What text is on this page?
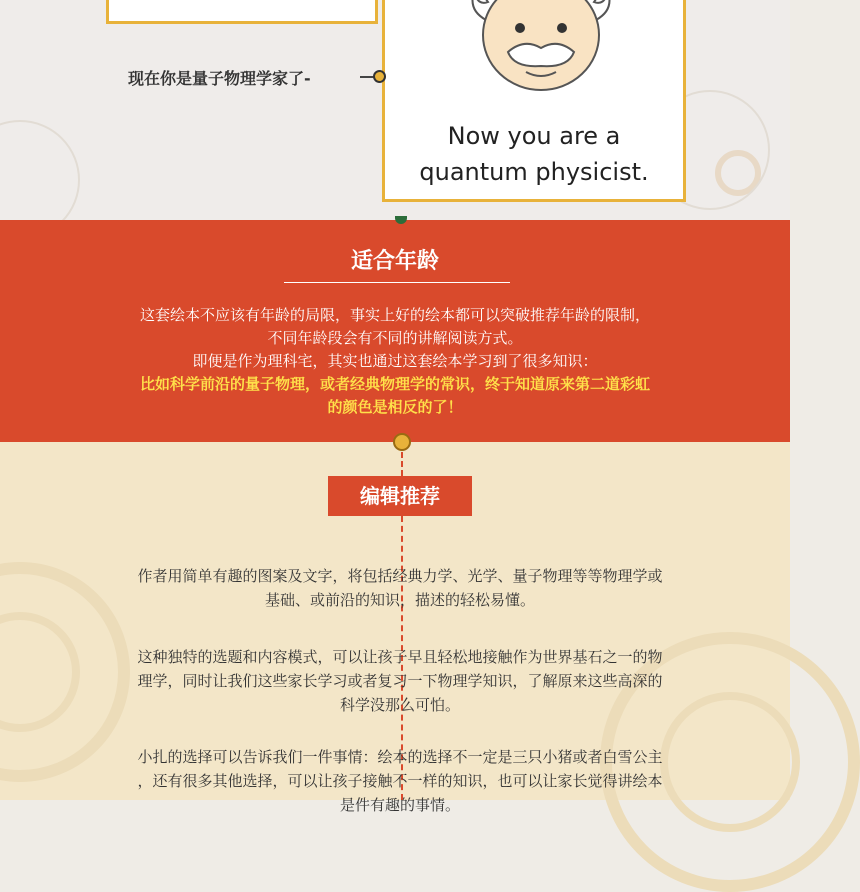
现在你是量子物理学家了-
Now you are a
quantum physicist.
适合年龄
这套绘本不应该有年龄的局限，事实上好的绘本都可以突破推荐年龄的限制，
不同年龄段会有不同的讲解阅读方式。
即便是作为理科宅，其实也通过这套绘本学习到了很多知识：
比如科学前沿的量子物理，或者经典物理学的常识，终于知道原来第二道彩虹
的颜色是相反的了！
编辑推荐
作者用简单有趣的图案及文字，将包括经典力学、光学、量子物理等等物理学或
基础、或前沿的知识，描述的轻松易懂。
这种独特的选题和内容模式，可以让孩子早且轻松地接触作为世界基石之一的物
理学，同时让我们这些家长学习或者复习一下物理学知识，了解原来这些高深的
科学没那么可怕。
小扎的选择可以告诉我们一件事情：绘本的选择不一定是三只小猪或者白雪公主
，还有很多其他选择，可以让孩子接触不一样的知识，也可以让家长觉得讲绘本
是件有趣的事情。
